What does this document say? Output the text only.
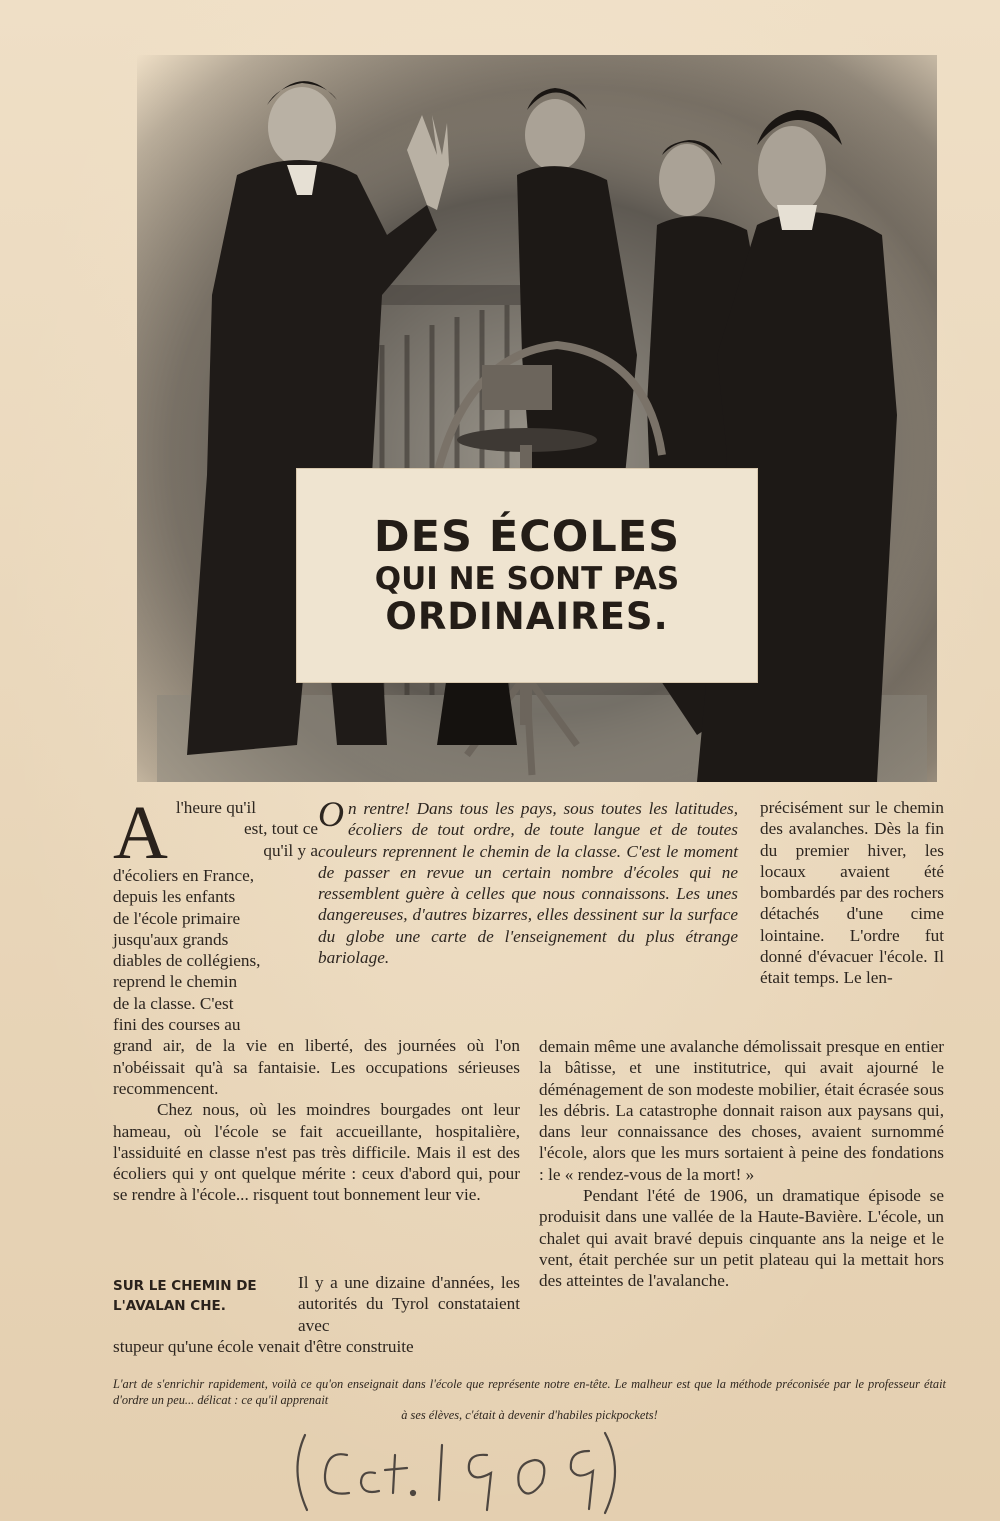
DES ÉCOLES
QUI NE SONT PAS
ORDINAIRES.
A l'heure qu'il
est, tout ce
qu'il y a
d'écoliers en France,
depuis les enfants
de l'école primaire
jusqu'aux grands
diables de collégiens,
reprend le chemin
de la classe. C'est
fini des courses au

grand air, de la vie en liberté, des journées où l'on n'obéissait qu'à sa fantaisie. Les occupations sérieuses recommencent.

Chez nous, où les moindres bourgades ont leur hameau, où l'école se fait accueillante, hospitalière, l'assiduité en classe n'est pas très difficile. Mais il est des écoliers qui y ont quelque mérite : ceux d'abord qui, pour se rendre à l'école... risquent tout bonnement leur vie.

On rentre! Dans tous les pays, sous toutes les latitudes, écoliers de tout ordre, de toute langue et de toutes couleurs reprennent le chemin de la classe. C'est le moment de passer en revue un certain nombre d'écoles qui ne ressemblent guère à celles que nous connaissons. Les unes dangereuses, d'autres bizarres, elles dessinent sur la surface du globe une carte de l'enseignement du plus étrange bariolage.

précisément sur le chemin des avalanches. Dès la fin du premier hiver, les locaux avaient été bombardés par des rochers détachés d'une cime lointaine. L'ordre fut donné d'évacuer l'école. Il était temps. Le len-

demain même une avalanche démolissait presque en entier la bâtisse, et une institutrice, qui avait ajourné le déménagement de son modeste mobilier, était écrasée sous les débris. La catastrophe donnait raison aux paysans qui, dans leur connaissance des choses, avaient surnommé l'école, alors que les murs sortaient à peine des fondations : le « rendez-vous de la mort! »

Pendant l'été de 1906, un dramatique épisode se produisit dans une vallée de la Haute-Bavière. L'école, un chalet qui avait bravé depuis cinquante ans la neige et le vent, était perchée sur un petit plateau qui la mettait hors des atteintes de l'avalanche.

SUR LE CHEMIN DE L'AVALAN CHE.
Il y a une dizaine d'années, les autorités du Tyrol constataient avec
stupeur qu'une école venait d'être construite
L'art de s'enrichir rapidement, voilà ce qu'on enseignait dans l'école que représente notre en-tête. Le malheur est que la méthode préconisée par le professeur était d'ordre un peu... délicat : ce qu'il apprenait
à ses élèves, c'était à devenir d'habiles pickpockets!
